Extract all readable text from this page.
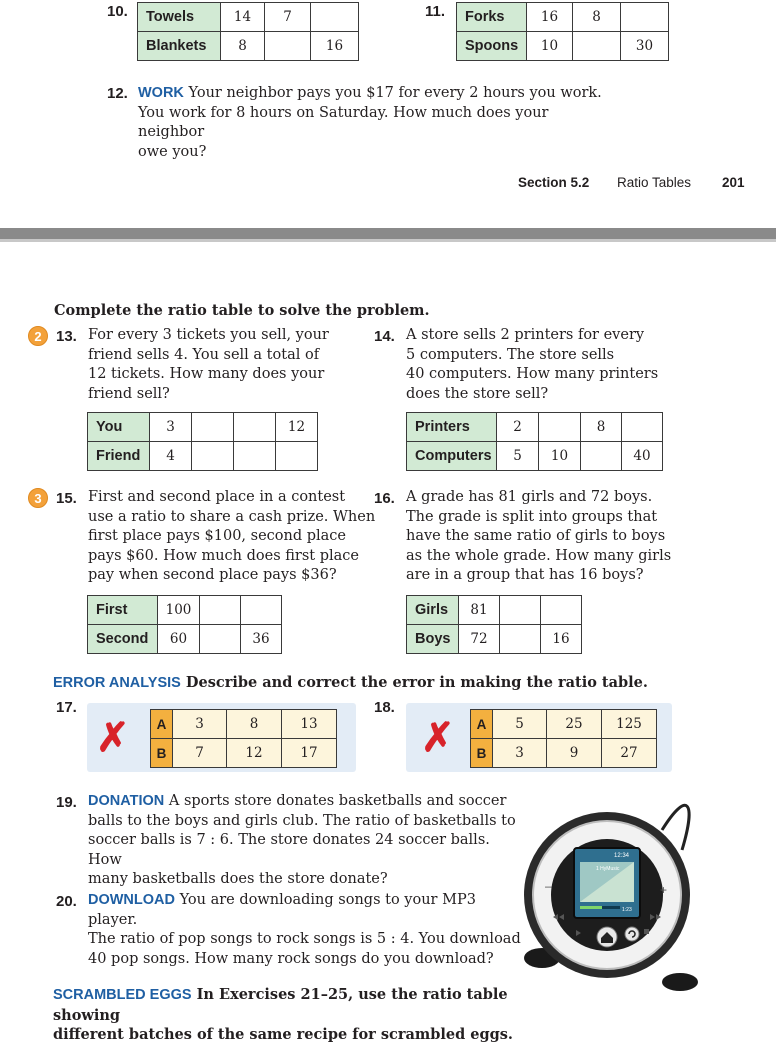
10. Towels	14	7	
Blankets	8		16
11. Forks	16	8	
Spoons	10		30
12. WORK Your neighbor pays you $17 for every 2 hours you work.
You work for 8 hours on Saturday. How much does your neighbor
owe you?
Section 5.2 Ratio Tables 201
Complete the ratio table to solve the problem.
2 13. For every 3 tickets you sell, your
friend sells 4. You sell a total of
12 tickets. How many does your
friend sell?
You	3			12
Friend	4			
14. A store sells 2 printers for every
5 computers. The store sells
40 computers. How many printers
does the store sell?
Printers	2		8	
Computers	5	10		40
3 15. First and second place in a contest
use a ratio to share a cash prize. When
first place pays $100, second place
pays $60. How much does first place
pay when second place pays $36?
First	100		
Second	60		36
16. A grade has 81 girls and 72 boys.
The grade is split into groups that
have the same ratio of girls to boys
as the whole grade. How many girls
are in a group that has 16 boys?
Girls	81		
Boys	72		16
ERROR ANALYSIS Describe and correct the error in making the ratio table.
17.
✗ A	3	8	13
B	7	12	17
18.
✗ A	5	25	125
B	3	9	27
19. DONATION A sports store donates basketballs and soccer
balls to the boys and girls club. The ratio of basketballs to
soccer balls is 7 : 6. The store donates 24 soccer balls. How
many basketballs does the store donate?
20. DOWNLOAD You are downloading songs to your MP3 player.
The ratio of pop songs to rock songs is 5 : 4. You download
40 pop songs. How many rock songs do you download?
12:34
1 HyMusic
1:23
–	+
SCRAMBLED EGGS In Exercises 21–25, use the ratio table showing
different batches of the same recipe for scrambled eggs.
